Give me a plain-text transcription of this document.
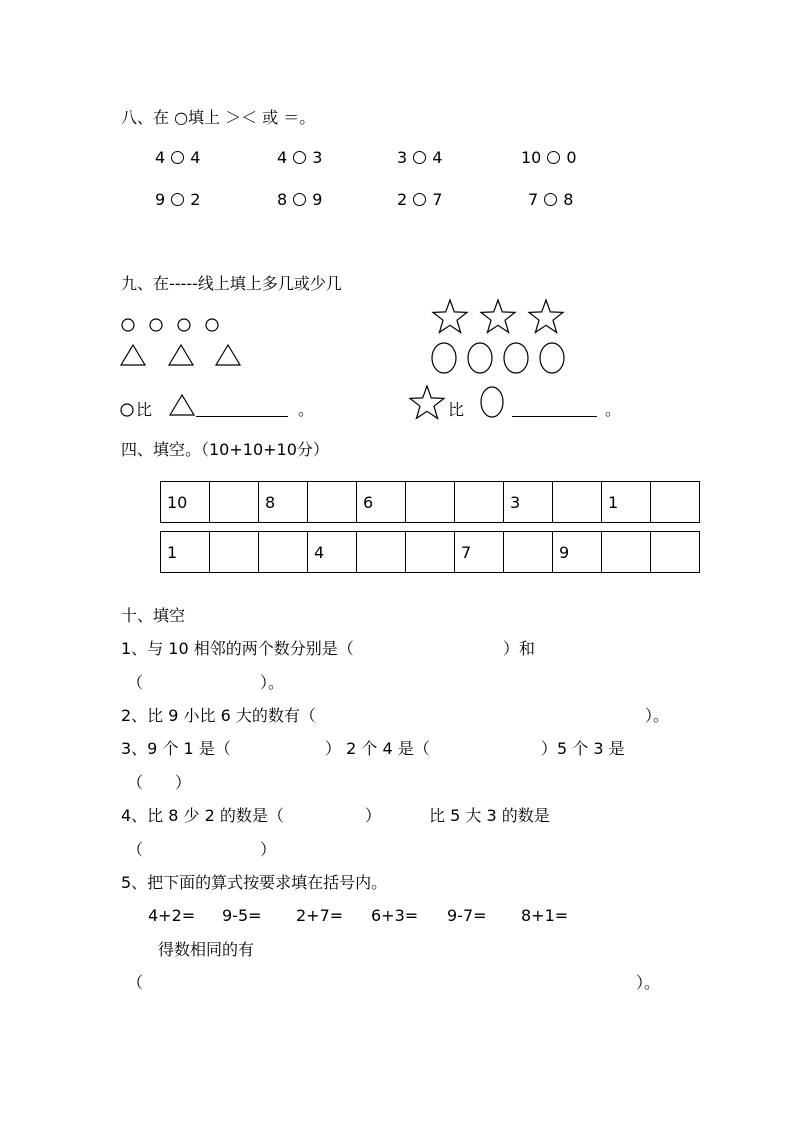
八、在 ○填上 ＞＜ 或 ＝。
4 4	4 3	3 4	10 0
9 2	8 9	2 7	7 8
九、在-----线上填上多几或少几
比	。	比	。
四、填空。（10+10+10分）
10		8		6			3		1	
1			4			7		9		
十、填空
1、与 10 相邻的两个数分别是（	）和
（	）。
2、比 9 小比 6 大的数有（	）。
3、9 个 1 是（	） 2 个 4 是（	）5 个 3 是
（ ）
4、比 8 少 2 的数是（	）	比 5 大 3 的数是
（	）
5、把下面的算式按要求填在括号内。
4+2= 9-5= 2+7= 6+3= 9-7= 8+1=
得数相同的有
（	）。
